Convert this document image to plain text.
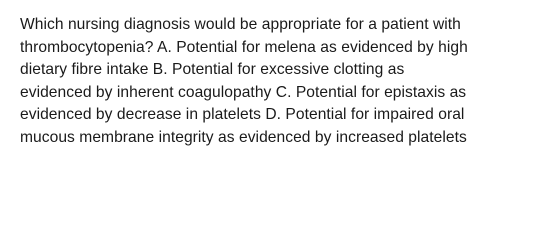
Which nursing diagnosis would be appropriate for a patient with
thrombocytopenia? A. Potential for melena as evidenced by high
dietary fibre intake B. Potential for excessive clotting as
evidenced by inherent coagulopathy C. Potential for epistaxis as
evidenced by decrease in platelets D. Potential for impaired oral
mucous membrane integrity as evidenced by increased platelets
